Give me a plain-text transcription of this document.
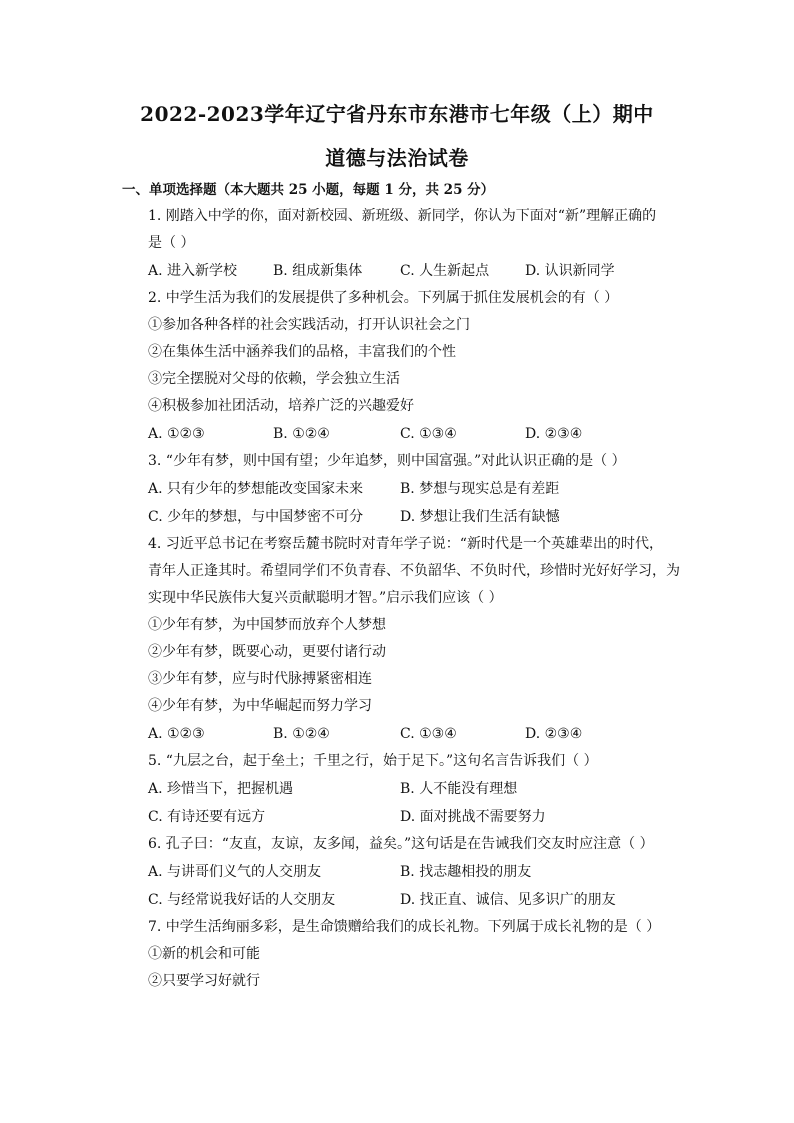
2022-2023学年辽宁省丹东市东港市七年级（上）期中
道德与法治试卷
一、单项选择题（本大题共 25 小题，每题 1 分，共 25 分）
1. 刚踏入中学的你，面对新校园、新班级、新同学，你认为下面对“新”理解正确的
是（ ）
A. 进入新学校	B. 组成新集体	C. 人生新起点	D. 认识新同学
2. 中学生活为我们的发展提供了多种机会。下列属于抓住发展机会的有（ ）
①参加各种各样的社会实践活动，打开认识社会之门
②在集体生活中涵养我们的品格，丰富我们的个性
③完全摆脱对父母的依赖，学会独立生活
④积极参加社团活动，培养广泛的兴趣爱好
A. ①②③	B. ①②④	C. ①③④	D. ②③④
3. “少年有梦，则中国有望；少年追梦，则中国富强。”对此认识正确的是（ ）
A. 只有少年的梦想能改变国家未来	B. 梦想与现实总是有差距
C. 少年的梦想，与中国梦密不可分	D. 梦想让我们生活有缺憾
4. 习近平总书记在考察岳麓书院时对青年学子说：“新时代是一个英雄辈出的时代，
青年人正逢其时。希望同学们不负青春、不负韶华、不负时代，珍惜时光好好学习，为
实现中华民族伟大复兴贡献聪明才智。”启示我们应该（ ）
①少年有梦，为中国梦而放弃个人梦想
②少年有梦，既要心动，更要付诸行动
③少年有梦，应与时代脉搏紧密相连
④少年有梦，为中华崛起而努力学习
A. ①②③	B. ①②④	C. ①③④	D. ②③④
5. “九层之台，起于垒土；千里之行，始于足下。”这句名言告诉我们（ ）
A. 珍惜当下，把握机遇	B. 人不能没有理想
C. 有诗还要有远方	D. 面对挑战不需要努力
6. 孔子曰：“友直，友谅，友多闻，益矣。”这句话是在告诫我们交友时应注意（ ）
A. 与讲哥们义气的人交朋友	B. 找志趣相投的朋友
C. 与经常说我好话的人交朋友	D. 找正直、诚信、见多识广的朋友
7. 中学生活绚丽多彩，是生命馈赠给我们的成长礼物。下列属于成长礼物的是（ ）
①新的机会和可能
②只要学习好就行
